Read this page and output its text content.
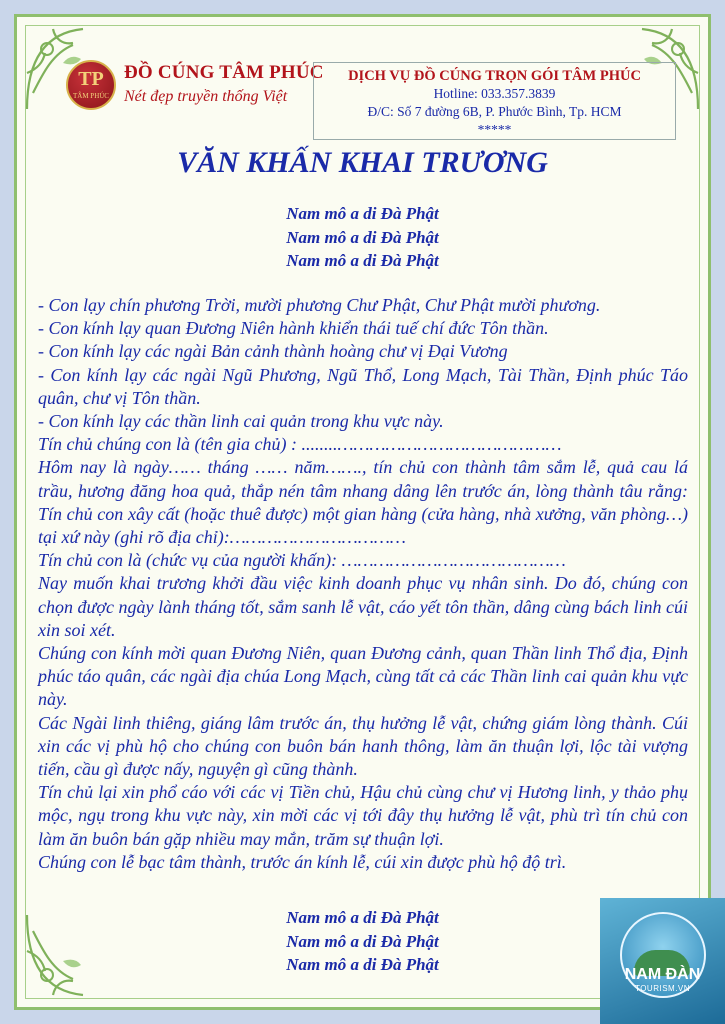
TP
TÂM PHÚC
ĐỒ CÚNG TÂM PHÚC
Nét đẹp truyền thống Việt
DỊCH VỤ ĐỒ CÚNG TRỌN GÓI TÂM PHÚC
Hotline: 033.357.3839
Đ/C: Số 7 đường 6B, P. Phước Bình, Tp. HCM
*****
VĂN KHẤN KHAI TRƯƠNG
Nam mô a di Đà Phật
Nam mô a di Đà Phật
Nam mô a di Đà Phật

- Con lạy chín phương Trời, mười phương Chư Phật, Chư Phật mười phương.

- Con kính lạy quan Đương Niên hành khiển thái tuế chí đức Tôn thần.

- Con kính lạy các ngài Bản cảnh thành hoàng chư vị Đại Vương

- Con kính lạy các ngài Ngũ Phương, Ngũ Thổ, Long Mạch, Tài Thần, Định phúc Táo quân, chư vị Tôn thần.

- Con kính lạy các thần linh cai quản trong khu vực này.

Tín chủ chúng con là (tên gia chủ) : ........……………………………………

Hôm nay là ngày…… tháng …… năm……., tín chủ con thành tâm sắm lễ, quả cau lá trầu, hương đăng hoa quả, thắp nén tâm nhang dâng lên trước án, lòng thành tâu rằng: Tín chủ con xây cất (hoặc thuê được) một gian hàng (cửa hàng, nhà xưởng, văn phòng…) tại xứ này (ghi rõ địa chỉ):……………………………

Tín chủ con là (chức vụ của người khấn): ……………………………………

Nay muốn khai trương khởi đầu việc kinh doanh phục vụ nhân sinh. Do đó, chúng con chọn được ngày lành tháng tốt, sắm sanh lễ vật, cáo yết tôn thần, dâng cùng bách linh cúi xin soi xét.

Chúng con kính mời quan Đương Niên, quan Đương cảnh, quan Thần linh Thổ địa, Định phúc táo quân, các ngài địa chúa Long Mạch, cùng tất cả các Thần linh cai quản khu vực này.

Các Ngài linh thiêng, giáng lâm trước án, thụ hưởng lễ vật, chứng giám lòng thành. Cúi xin các vị phù hộ cho chúng con buôn bán hanh thông, làm ăn thuận lợi, lộc tài vượng tiến, cầu gì được nấy, nguyện gì cũng thành.

Tín chủ lại xin phổ cáo với các vị Tiền chủ, Hậu chủ cùng chư vị Hương linh, y thảo phụ mộc, ngụ trong khu vực này, xin mời các vị tới đây thụ hưởng lễ vật, phù trì tín chủ con làm ăn buôn bán gặp nhiều may mắn, trăm sự thuận lợi.

Chúng con lễ bạc tâm thành, trước án kính lễ, cúi xin được phù hộ độ trì.

Nam mô a di Đà Phật
Nam mô a di Đà Phật
Nam mô a di Đà Phật
NAM ĐÀN
TOURISM.VN
